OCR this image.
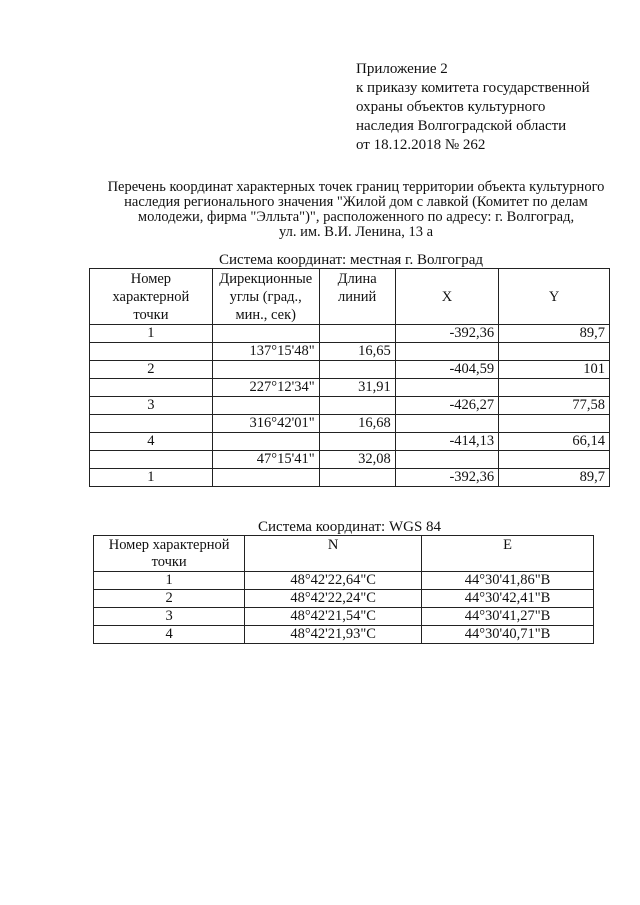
Приложение 2
к приказу комитета государственной
охраны объектов культурного
наследия Волгоградской области
от 18.12.2018 № 262
Перечень координат характерных точек границ территории объекта культурного
наследия регионального значения "Жилой дом с лавкой (Комитет по делам
молодежи, фирма "Элльта")", расположенного по адресу: г. Волгоград,
ул. им. В.И. Ленина, 13 а
Система координат: местная г. Волгоград
Номер характерной точки	Дирекционные углы (град., мин., сек)	Длина линий	X	Y
1			-392,36	89,7
	137°15'48"	16,65		
2			-404,59	101
	227°12'34"	31,91		
3			-426,27	77,58
	316°42'01"	16,68		
4			-414,13	66,14
	47°15'41"	32,08		
1			-392,36	89,7
Система координат: WGS 84
Номер характерной точки	N	E
1	48°42'22,64"С	44°30'41,86"В
2	48°42'22,24"С	44°30'42,41"В
3	48°42'21,54"С	44°30'41,27"В
4	48°42'21,93"С	44°30'40,71"В
